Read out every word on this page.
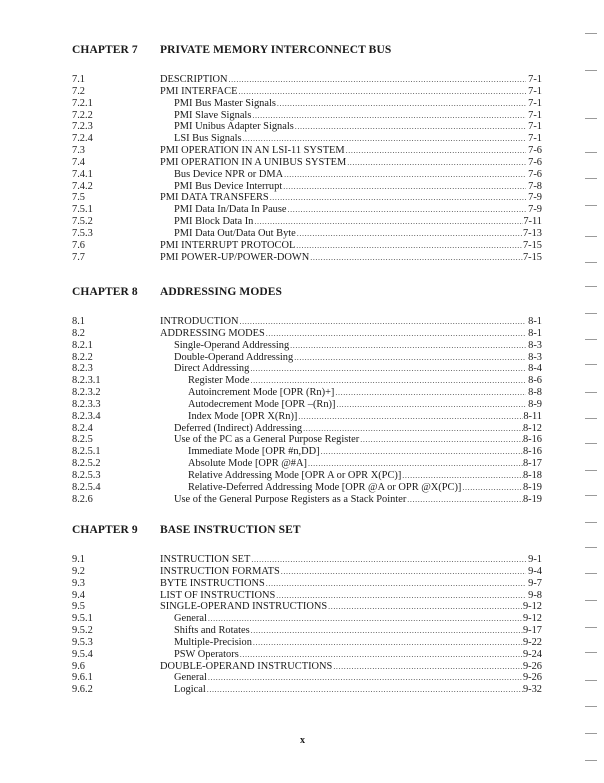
CHAPTER 7	PRIVATE MEMORY INTERCONNECT BUS
7.1	DESCRIPTION .....	7-1
7.2	PMI INTERFACE .....	7-1
7.2.1	PMI Bus Master Signals .....	7-1
7.2.2	PMI Slave Signals .....	7-1
7.2.3	PMI Unibus Adapter Signals .....	7-1
7.2.4	LSI Bus Signals .....	7-1
7.3	PMI OPERATION IN AN LSI-11 SYSTEM .....	7-6
7.4	PMI OPERATION IN A UNIBUS SYSTEM .....	7-6
7.4.1	Bus Device NPR or DMA .....	7-6
7.4.2	PMI Bus Device Interrupt .....	7-8
7.5	PMI DATA TRANSFERS .....	7-9
7.5.1	PMI Data In/Data In Pause .....	7-9
7.5.2	PMI Block Data In .....	7-11
7.5.3	PMI Data Out/Data Out Byte .....	7-13
7.6	PMI INTERRUPT PROTOCOL .....	7-15
7.7	PMI POWER-UP/POWER-DOWN .....	7-15
CHAPTER 8	ADDRESSING MODES
8.1	INTRODUCTION .....	8-1
8.2	ADDRESSING MODES .....	8-1
8.2.1	Single-Operand Addressing .....	8-3
8.2.2	Double-Operand Addressing .....	8-3
8.2.3	Direct Addressing .....	8-4
8.2.3.1	Register Mode .....	8-6
8.2.3.2	Autoincrement Mode [OPR (Rn)+] .....	8-8
8.2.3.3	Autodecrement Mode [OPR –(Rn)] .....	8-9
8.2.3.4	Index Mode [OPR X(Rn)] .....	8-11
8.2.4	Deferred (Indirect) Addressing .....	8-12
8.2.5	Use of the PC as a General Purpose Register .....	8-16
8.2.5.1	Immediate Mode [OPR #n,DD] .....	8-16
8.2.5.2	Absolute Mode [OPR @#A] .....	8-17
8.2.5.3	Relative Addressing Mode [OPR A or OPR X(PC)] .....	8-18
8.2.5.4	Relative-Deferred Addressing Mode [OPR @A or OPR @X(PC)] .....	8-19
8.2.6	Use of the General Purpose Registers as a Stack Pointer .....	8-19
CHAPTER 9	BASE INSTRUCTION SET
9.1	INSTRUCTION SET .....	9-1
9.2	INSTRUCTION FORMATS .....	9-4
9.3	BYTE INSTRUCTIONS .....	9-7
9.4	LIST OF INSTRUCTIONS .....	9-8
9.5	SINGLE-OPERAND INSTRUCTIONS .....	9-12
9.5.1	General .....	9-12
9.5.2	Shifts and Rotates .....	9-17
9.5.3	Multiple-Precision .....	9-22
9.5.4	PSW Operators .....	9-24
9.6	DOUBLE-OPERAND INSTRUCTIONS .....	9-26
9.6.1	General .....	9-26
9.6.2	Logical .....	9-32
x
